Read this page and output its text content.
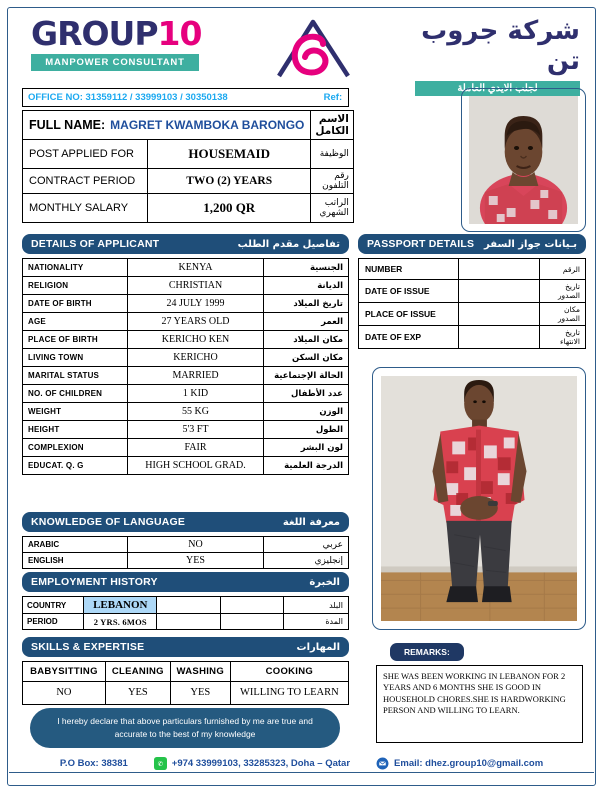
GROUP10
MANPOWER CONSULTANT
شركة جروب تن
لجلب الايدي العاملة
OFFICE NO: 31359112 / 33999103 / 30350138	Ref:
FULL NAME: MAGRET KWAMBOKA BARONGO		الاسم الكامل
POST APPLIED FOR	HOUSEMAID	الوظيفة
CONTRACT PERIOD	TWO (2) YEARS	رقم التلفون
MONTHLY SALARY	1,200 QR	الراتب الشهري
DETAILS OF APPLICANT	تفاصيل مقدم الطلب
NATIONALITY	KENYA	الجنسية
RELIGION	CHRISTIAN	الديانة
DATE OF BIRTH	24 JULY 1999	تاريخ الميلاد
AGE	27 YEARS OLD	العمر
PLACE OF BIRTH	KERICHO KEN	مكان الميلاد
LIVING TOWN	KERICHO	مكان السكن
MARITAL STATUS	MARRIED	الحالة الإجتماعية
NO. OF CHILDREN	1 KID	عدد الأطفال
WEIGHT	55 KG	الوزن
HEIGHT	5'3 FT	الطول
COMPLEXION	FAIR	لون البشر
EDUCAT. Q. G	HIGH SCHOOL GRAD.	الدرجة العلمية
KNOWLEDGE OF LANGUAGE	معرفة اللغة
ARABIC	NO	عربي
ENGLISH	YES	إنجليزي
EMPLOYMENT HISTORY	الخبرة
COUNTRY	LEBANON			البلد
PERIOD	2 YRS. 6MOS			المدة
SKILLS & EXPERTISE	المهارات
BABYSITTING	CLEANING	WASHING	COOKING
NO	YES	YES	WILLING TO LEARN
I hereby declare that above particulars furnished by me are true and accurate to the best of my knowledge
PASSPORT DETAILS بـيانات جواز السفر
NUMBER		الرقم
DATE OF ISSUE		تاريخ الصدور
PLACE OF ISSUE		مكان الصدور
DATE OF EXP		تاريخ الانتهاء
REMARKS:
SHE WAS BEEN WORKING IN LEBANON FOR 2 YEARS AND 6 MONTHS SHE IS GOOD IN HOUSEHOLD CHORES.SHE IS HARDWORKING PERSON AND WILLING TO LEARN.
P.O Box: 38381 ✆ +974 33999103, 33285323, Doha – Qatar	Email: dhez.group10@gmail.com
